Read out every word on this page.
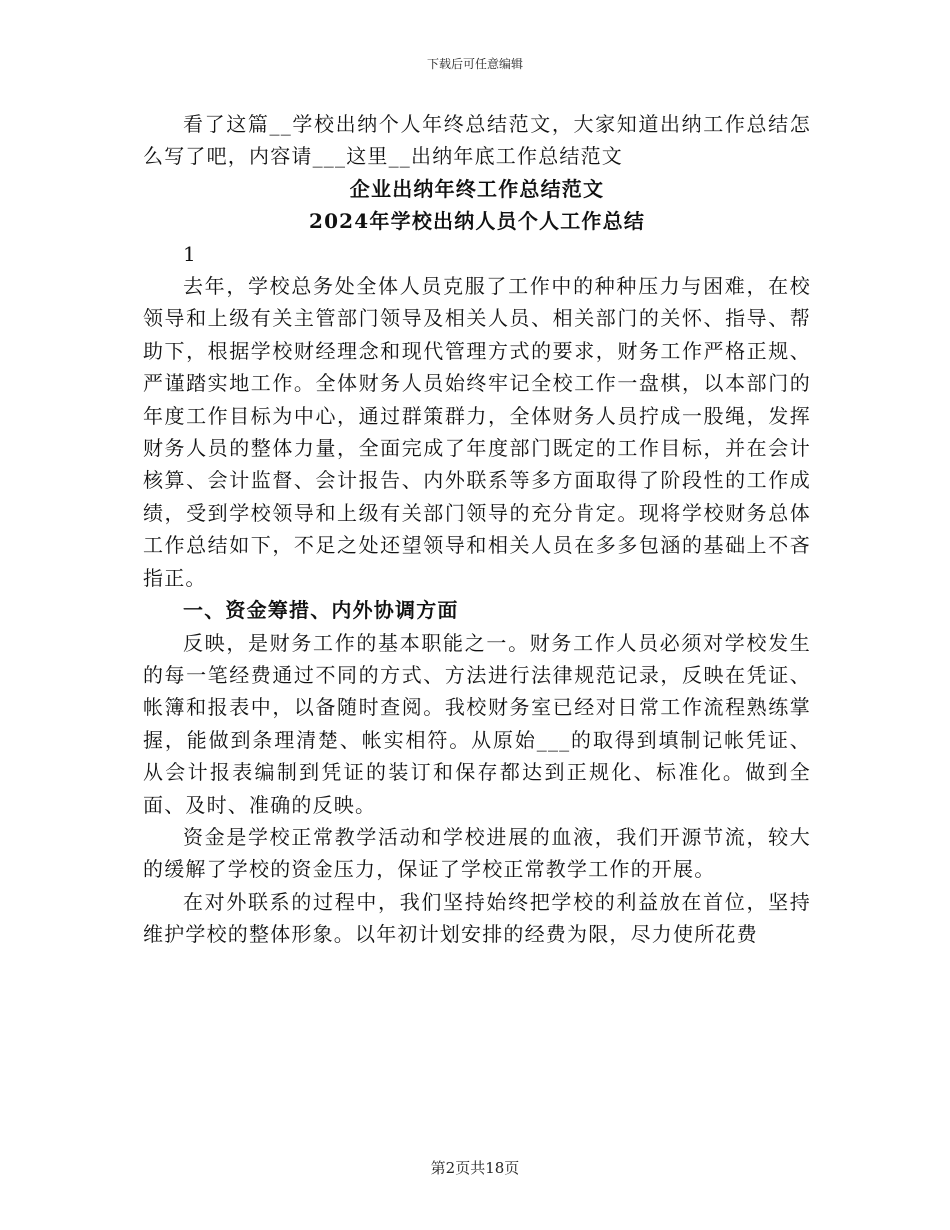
下载后可任意编辑

看了这篇__学校出纳个人年终总结范文，大家知道出纳工作总结怎么写了吧，内容请___这里__出纳年底工作总结范文

企业出纳年终工作总结范文

2024年学校出纳人员个人工作总结

1

去年，学校总务处全体人员克服了工作中的种种压力与困难，在校领导和上级有关主管部门领导及相关人员、相关部门的关怀、指导、帮助下，根据学校财经理念和现代管理方式的要求，财务工作严格正规、严谨踏实地工作。全体财务人员始终牢记全校工作一盘棋，以本部门的年度工作目标为中心，通过群策群力，全体财务人员拧成一股绳，发挥财务人员的整体力量，全面完成了年度部门既定的工作目标，并在会计核算、会计监督、会计报告、内外联系等多方面取得了阶段性的工作成绩，受到学校领导和上级有关部门领导的充分肯定。现将学校财务总体工作总结如下，不足之处还望领导和相关人员在多多包涵的基础上不吝指正。

一、资金筹措、内外协调方面

反映，是财务工作的基本职能之一。财务工作人员必须对学校发生的每一笔经费通过不同的方式、方法进行法律规范记录，反映在凭证、帐簿和报表中，以备随时查阅。我校财务室已经对日常工作流程熟练掌握，能做到条理清楚、帐实相符。从原始___的取得到填制记帐凭证、从会计报表编制到凭证的装订和保存都达到正规化、标准化。做到全面、及时、准确的反映。

资金是学校正常教学活动和学校进展的血液，我们开源节流，较大的缓解了学校的资金压力，保证了学校正常教学工作的开展。

在对外联系的过程中，我们坚持始终把学校的利益放在首位，坚持维护学校的整体形象。以年初计划安排的经费为限，尽力使所花费

第2页共18页
